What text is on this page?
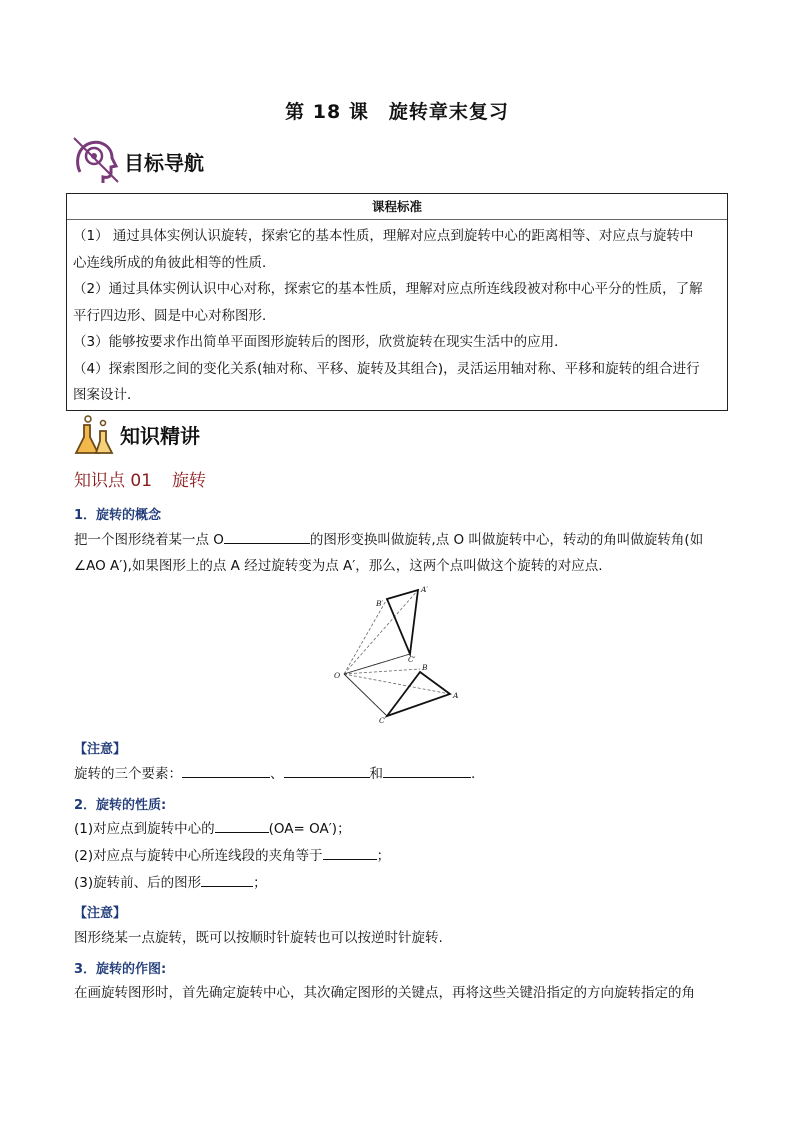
第 18 课　旋转章末复习
目标导航
课程标准

（1） 通过具体实例认识旋转，探索它的基本性质，理解对应点到旋转中心的距离相等、对应点与旋转中

心连线所成的角彼此相等的性质．

（2）通过具体实例认识中心对称，探索它的基本性质，理解对应点所连线段被对称中心平分的性质，了解

平行四边形、圆是中心对称图形．

（3）能够按要求作出简单平面图形旋转后的图形，欣赏旋转在现实生活中的应用．

（4）探索图形之间的变化关系(轴对称、平移、旋转及其组合)，灵活运用轴对称、平移和旋转的组合进行

图案设计．

知识精讲
知识点 01 旋转
1．旋转的概念
把一个图形绕着某一点 O	的图形变换叫做旋转,点 O 叫做旋转中心，转动的角叫做旋转角(如
∠AO A′),如果图形上的点 A 经过旋转变为点 A′，那么，这两个点叫做这个旋转的对应点.
O
A
B
C
A′
B′
C′
【注意】
旋转的三个要素：	、	和	.
2．旋转的性质:
(1)对应点到旋转中心的	(OA= OA′)；
(2)对应点与旋转中心所连线段的夹角等于	；
(3)旋转前、后的图形	；
【注意】
图形绕某一点旋转，既可以按顺时针旋转也可以按逆时针旋转.
3．旋转的作图:
在画旋转图形时，首先确定旋转中心，其次确定图形的关键点，再将这些关键沿指定的方向旋转指定的角
